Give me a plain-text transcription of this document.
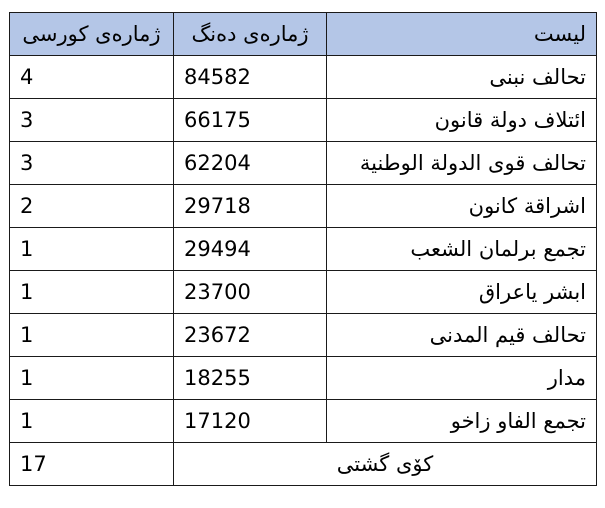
لیست	ژمارەی دەنگ	ژمارەی کورسی
تحالف نبنى	84582	4
ائتلاف دولة قانون	66175	3
تحالف قوى الدولة الوطنية	62204	3
اشراقة كانون	29718	2
تجمع برلمان الشعب	29494	1
ابشر ياعراق	23700	1
تحالف قيم المدنى	23672	1
مدار	18255	1
تجمع الفاو زاخو	17120	1
کۆی گشتی		17
